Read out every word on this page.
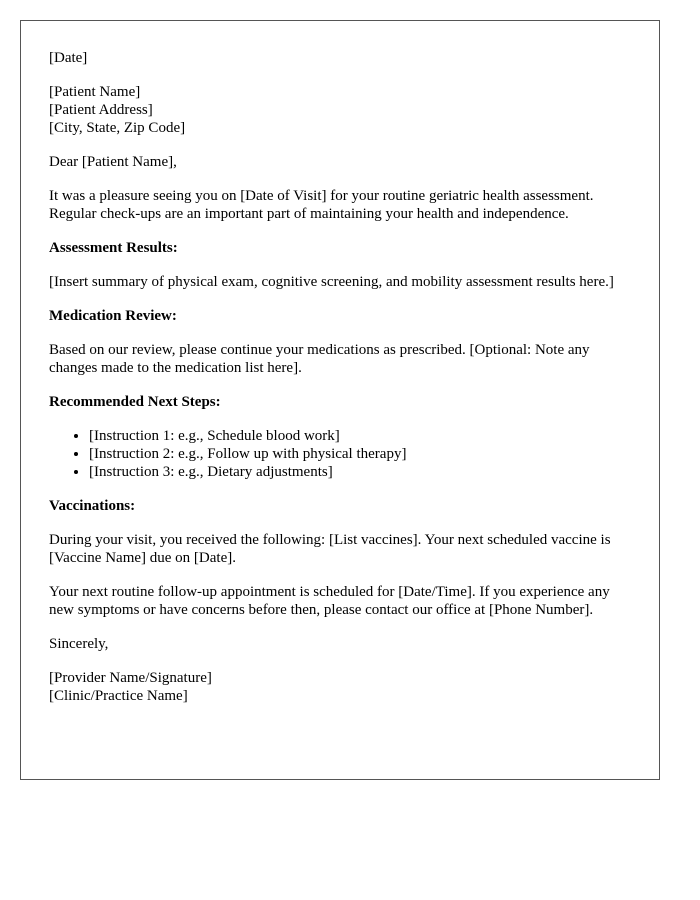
[Date]

[Patient Name]
[Patient Address]
[City, State, Zip Code]

Dear [Patient Name],

It was a pleasure seeing you on [Date of Visit] for your routine geriatric health assessment. Regular check-ups are an important part of maintaining your health and independence.

Assessment Results:

[Insert summary of physical exam, cognitive screening, and mobility assessment results here.]

Medication Review:

Based on our review, please continue your medications as prescribed. [Optional: Note any changes made to the medication list here].

Recommended Next Steps:
• [Instruction 1: e.g., Schedule blood work]
• [Instruction 2: e.g., Follow up with physical therapy]
• [Instruction 3: e.g., Dietary adjustments]
Vaccinations:

During your visit, you received the following: [List vaccines]. Your next scheduled vaccine is [Vaccine Name] due on [Date].

Your next routine follow-up appointment is scheduled for [Date/Time]. If you experience any new symptoms or have concerns before then, please contact our office at [Phone Number].

Sincerely,

[Provider Name/Signature]
[Clinic/Practice Name]
